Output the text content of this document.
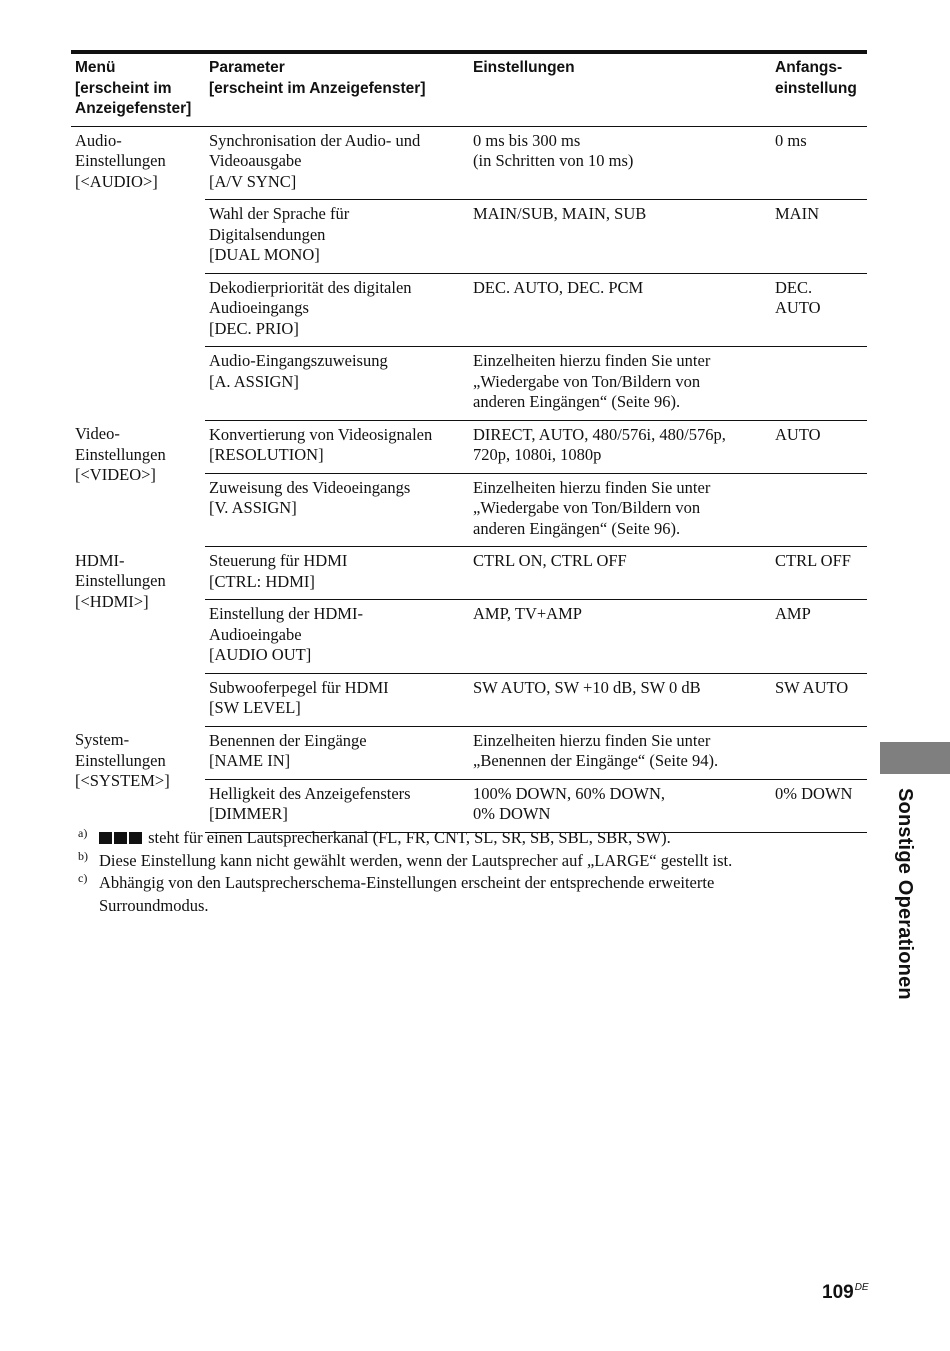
Menü
[erscheint im
Anzeigefenster]	Parameter
[erscheint im Anzeigefenster]	Einstellungen	Anfangs-
einstellung
Audio-
Einstellungen
[<AUDIO>]	Synchronisation der Audio- und
Videoausgabe
[A/V SYNC]	0 ms bis 300 ms
(in Schritten von 10 ms)	0 ms
	Wahl der Sprache für
Digitalsendungen
[DUAL MONO]	MAIN/SUB, MAIN, SUB	MAIN
	Dekodierpriorität des digitalen
Audioeingangs
[DEC. PRIO]	DEC. AUTO, DEC. PCM	DEC.
AUTO
	Audio-Eingangszuweisung
[A. ASSIGN]	Einzelheiten hierzu finden Sie unter
„Wiedergabe von Ton/Bildern von
anderen Eingängen“ (Seite 96).	
Video-
Einstellungen
[<VIDEO>]	Konvertierung von Videosignalen
[RESOLUTION]	DIRECT, AUTO, 480/576i, 480/576p,
720p, 1080i, 1080p	AUTO
	Zuweisung des Videoeingangs
[V. ASSIGN]	Einzelheiten hierzu finden Sie unter
„Wiedergabe von Ton/Bildern von
anderen Eingängen“ (Seite 96).	
HDMI-
Einstellungen
[<HDMI>]	Steuerung für HDMI
[CTRL: HDMI]	CTRL ON, CTRL OFF	CTRL OFF
	Einstellung der HDMI-
Audioeingabe
[AUDIO OUT]	AMP, TV+AMP	AMP
	Subwooferpegel für HDMI
[SW LEVEL]	SW AUTO, SW +10 dB, SW 0 dB	SW AUTO
System-
Einstellungen
[<SYSTEM>]	Benennen der Eingänge
[NAME IN]	Einzelheiten hierzu finden Sie unter
„Benennen der Eingänge“ (Seite 94).	
	Helligkeit des Anzeigefensters
[DIMMER]	100% DOWN, 60% DOWN,
0% DOWN	0% DOWN
a)	steht für einen Lautsprecherkanal (FL, FR, CNT, SL, SR, SB, SBL, SBR, SW).
b) Diese Einstellung kann nicht gewählt werden, wenn der Lautsprecher auf „LARGE“ gestellt ist.
c) Abhängig von den Lautsprecherschema-Einstellungen erscheint der entsprechende erweiterte
Surroundmodus.	Sonstige Operationen
109DE
